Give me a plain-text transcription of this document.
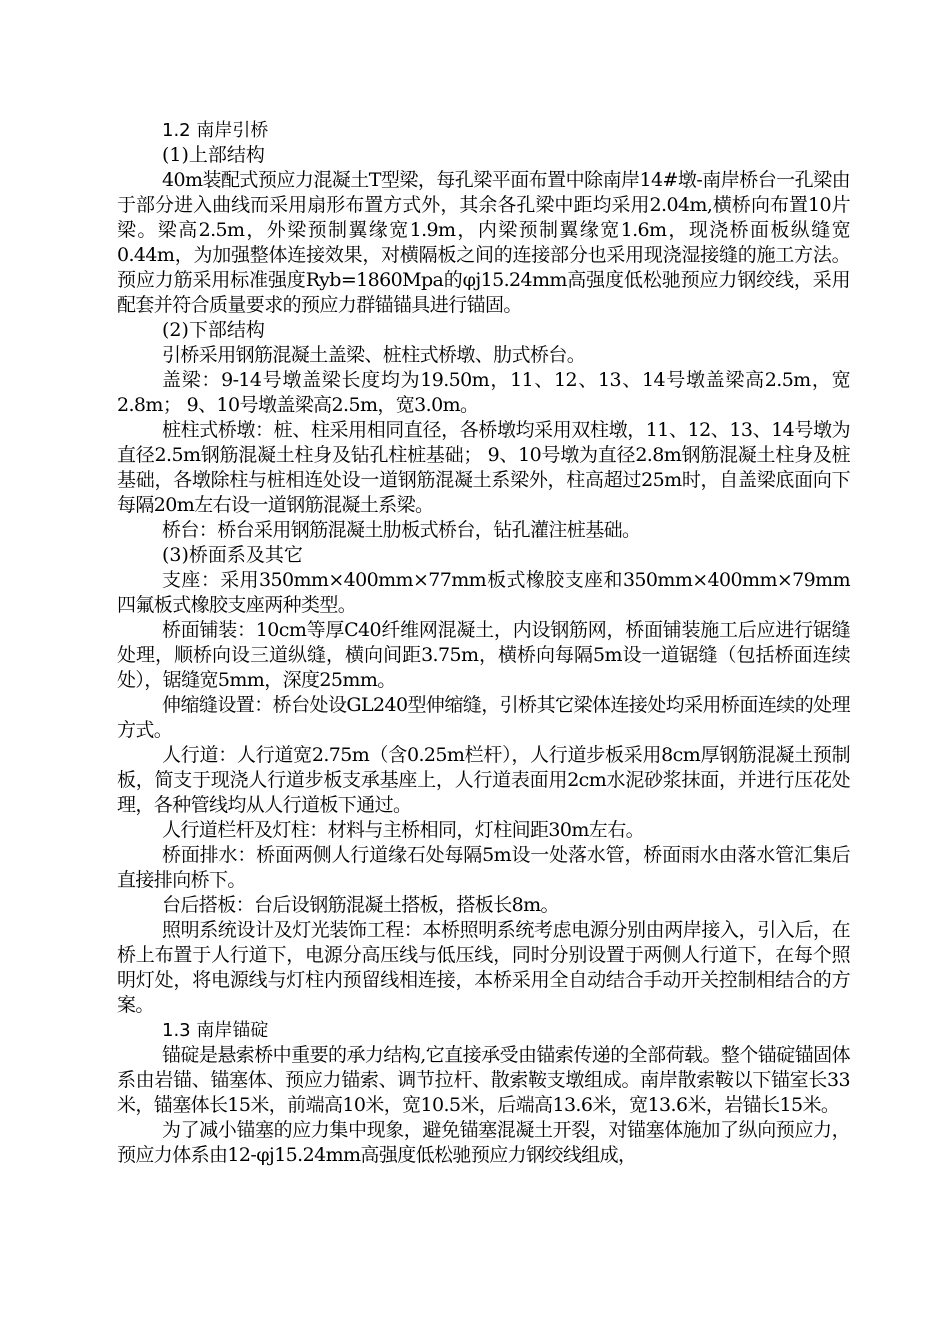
1.2 南岸引桥
(1)上部结构
40m装配式预应力混凝土T型梁，每孔梁平面布置中除南岸14#墩-南岸桥台一孔梁由于部分进入曲线而采用扇形布置方式外，其余各孔梁中距均采用2.04m,横桥向布置10片梁。梁高2.5m，外梁预制翼缘宽1.9m，内梁预制翼缘宽1.6m，现浇桥面板纵缝宽0.44m，为加强整体连接效果，对横隔板之间的连接部分也采用现浇湿接缝的施工方法。预应力筋采用标准强度Ryb=1860Mpa的φj15.24mm高强度低松驰预应力钢绞线，采用配套并符合质量要求的预应力群锚锚具进行锚固。
(2)下部结构
引桥采用钢筋混凝土盖梁、桩柱式桥墩、肋式桥台。
盖梁：9-14号墩盖梁长度均为19.50m，11、12、13、14号墩盖梁高2.5m，宽2.8m； 9、10号墩盖梁高2.5m，宽3.0m。
桩柱式桥墩：桩、柱采用相同直径，各桥墩均采用双柱墩，11、12、13、14号墩为直径2.5m钢筋混凝土柱身及钻孔柱桩基础； 9、10号墩为直径2.8m钢筋混凝土柱身及桩基础，各墩除柱与桩相连处设一道钢筋混凝土系梁外，柱高超过25m时，自盖梁底面向下每隔20m左右设一道钢筋混凝土系梁。
桥台：桥台采用钢筋混凝土肋板式桥台，钻孔灌注桩基础。
(3)桥面系及其它
支座：采用350mm×400mm×77mm板式橡胶支座和350mm×400mm×79mm四氟板式橡胶支座两种类型。
桥面铺装：10cm等厚C40纤维网混凝土，内设钢筋网，桥面铺装施工后应进行锯缝处理，顺桥向设三道纵缝，横向间距3.75m，横桥向每隔5m设一道锯缝（包括桥面连续处），锯缝宽5mm，深度25mm。
伸缩缝设置：桥台处设GL240型伸缩缝，引桥其它梁体连接处均采用桥面连续的处理方式。
人行道：人行道宽2.75m（含0.25m栏杆），人行道步板采用8cm厚钢筋混凝土预制板，简支于现浇人行道步板支承基座上，人行道表面用2cm水泥砂浆抹面，并进行压花处理，各种管线均从人行道板下通过。
人行道栏杆及灯柱：材料与主桥相同，灯柱间距30m左右。
桥面排水：桥面两侧人行道缘石处每隔5m设一处落水管，桥面雨水由落水管汇集后直接排向桥下。
台后搭板：台后设钢筋混凝土搭板，搭板长8m。
照明系统设计及灯光装饰工程：本桥照明系统考虑电源分别由两岸接入，引入后，在桥上布置于人行道下，电源分高压线与低压线，同时分别设置于两侧人行道下，在每个照明灯处，将电源线与灯柱内预留线相连接，本桥采用全自动结合手动开关控制相结合的方案。
1.3 南岸锚碇
锚碇是悬索桥中重要的承力结构,它直接承受由锚索传递的全部荷载。整个锚碇锚固体系由岩锚、锚塞体、预应力锚索、调节拉杆、散索鞍支墩组成。南岸散索鞍以下锚室长33米，锚塞体长15米，前端高10米，宽10.5米，后端高13.6米，宽13.6米，岩锚长15米。
为了减小锚塞的应力集中现象，避免锚塞混凝土开裂，对锚塞体施加了纵向预应力，预应力体系由12-φj15.24mm高强度低松驰预应力钢绞线组成，
